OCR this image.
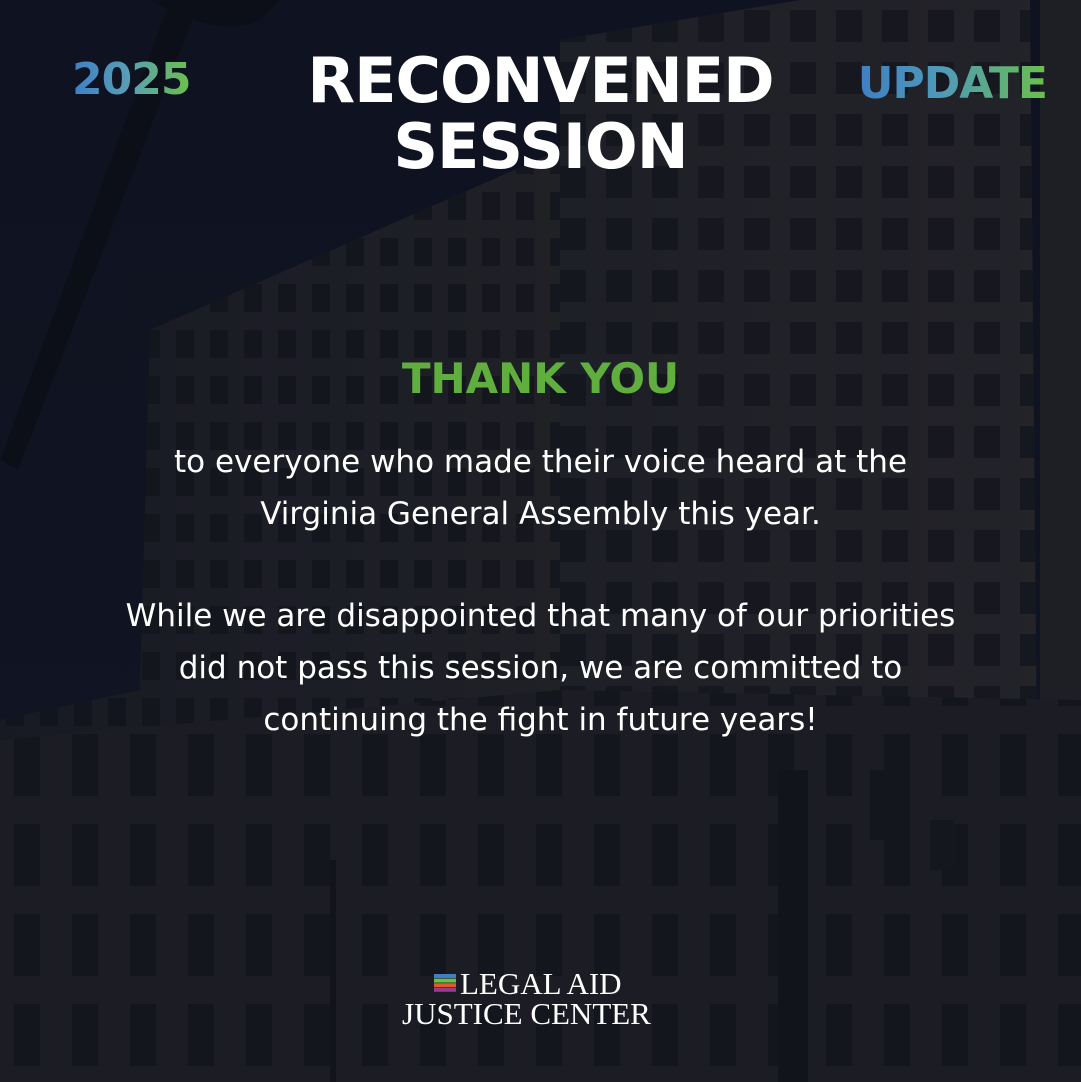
2025	RECONVENED
SESSION
UPDATE
THANK YOU

to everyone who made their voice heard at the
Virginia General Assembly this year.

While we are disappointed that many of our priorities
did not pass this session, we are committed to
continuing the fight in future years!

LEGAL AID
JUSTICE CENTER
